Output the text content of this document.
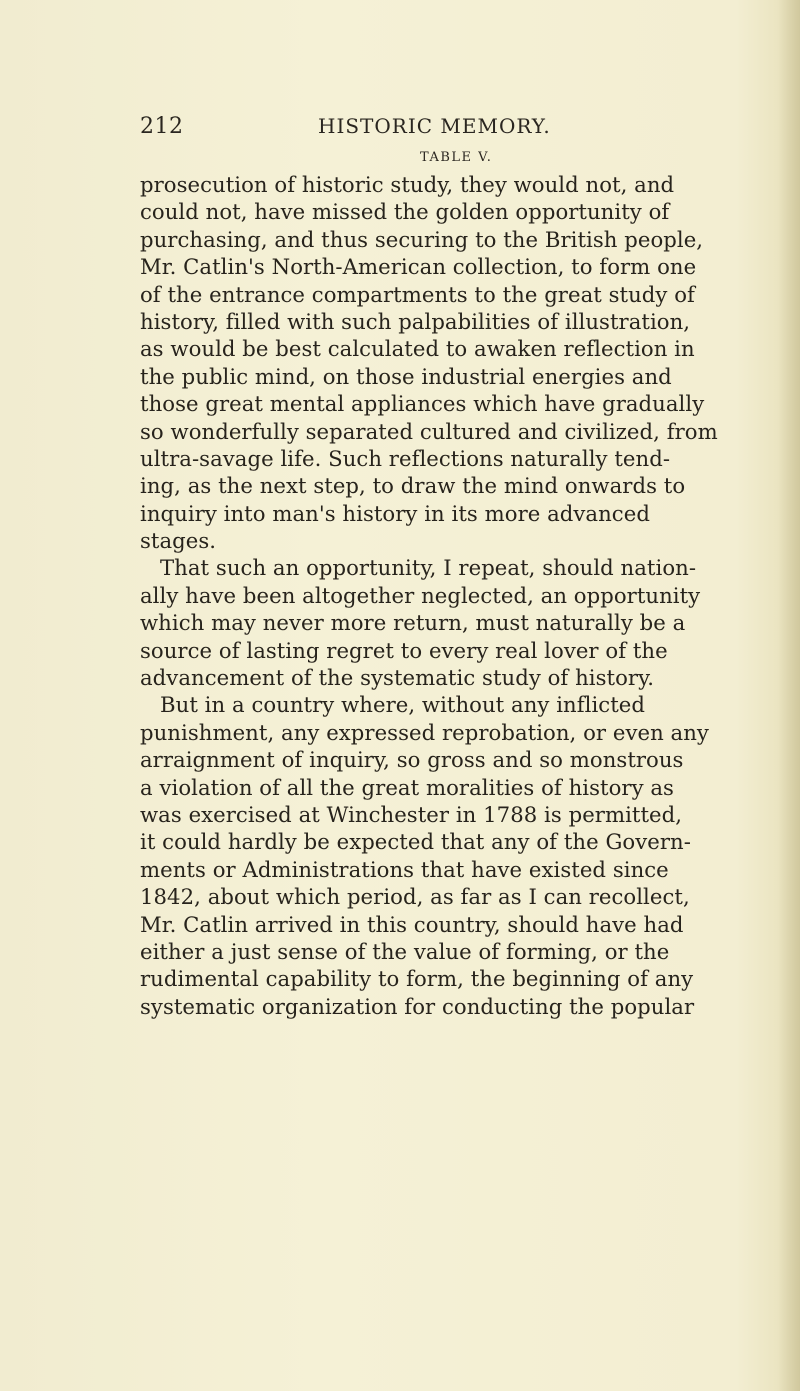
212	HISTORIC MEMORY.
TABLE V.
prosecution of historic study, they would not, and
could not, have missed the golden opportunity of
purchasing, and thus securing to the British people,
Mr. Catlin's North-American collection, to form one
of the entrance compartments to the great study of
history, filled with such palpabilities of illustration,
as would be best calculated to awaken reflection in
the public mind, on those industrial energies and
those great mental appliances which have gradually
so wonderfully separated cultured and civilized, from
ultra-savage life. Such reflections naturally tend-
ing, as the next step, to draw the mind onwards to
inquiry into man's history in its more advanced
stages.
That such an opportunity, I repeat, should nation-
ally have been altogether neglected, an opportunity
which may never more return, must naturally be a
source of lasting regret to every real lover of the
advancement of the systematic study of history.
But in a country where, without any inflicted
punishment, any expressed reprobation, or even any
arraignment of inquiry, so gross and so monstrous
a violation of all the great moralities of history as
was exercised at Winchester in 1788 is permitted,
it could hardly be expected that any of the Govern-
ments or Administrations that have existed since
1842, about which period, as far as I can recollect,
Mr. Catlin arrived in this country, should have had
either a just sense of the value of forming, or the
rudimental capability to form, the beginning of any
systematic organization for conducting the popular
